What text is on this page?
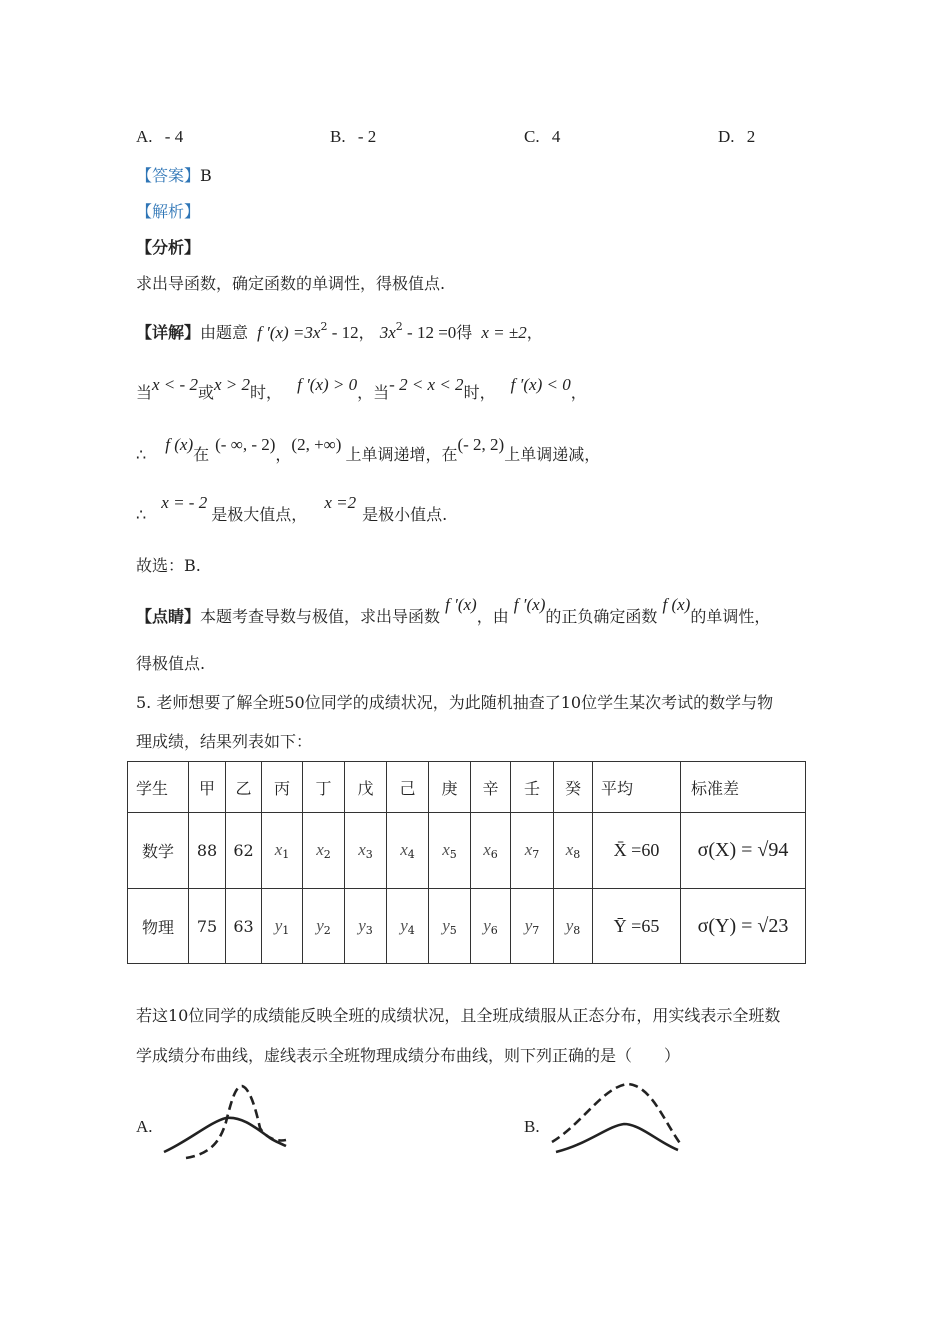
A. - 4	B. - 2	C. 4	D. 2
【答案】B
【解析】
【分析】
求出导函数，确定函数的单调性，得极值点.
【详解】由题意 f $'(x) =3x^2 - 12$， $3x^2 - 12 =0$得 x = ±2，
当x < - 2或x > 2时， f ′(x) > 0，当- 2 < x < 2时， f ′(x) < 0，
∴ f (x)在(- ∞, - 2)，(2, +∞)上单调递增，在(- 2, 2)上单调递减，
∴ x = - 2是极大值点， x =2是极小值点.
故选：B.
【点睛】本题考查导数与极值，求出导函数 f ′(x)，由 f ′(x)的正负确定函数 f (x)的单调性，
得极值点.
5. 老师想要了解全班50位同学的成绩状况，为此随机抽查了10位学生某次考试的数学与物
理成绩，结果列表如下：
学生	甲	乙	丙	丁	戊	己	庚	辛	壬	癸	平均	标准差
数学	88	62	$x_1$	$x_2$	$x_3$	$x_4$	$x_5$	$x_6$	$x_7$	$x_8$	X̄ =60	σ(X) = √94
物理	75	63	$y_1$	$y_2$	$y_3$	$y_4$	$y_5$	$y_6$	$y_7$	$y_8$	Ȳ =65	σ(Y) = √23
若这10位同学的成绩能反映全班的成绩状况，且全班成绩服从正态分布，用实线表示全班数
学成绩分布曲线，虚线表示全班物理成绩分布曲线，则下列正确的是（　　）
A.	B.
